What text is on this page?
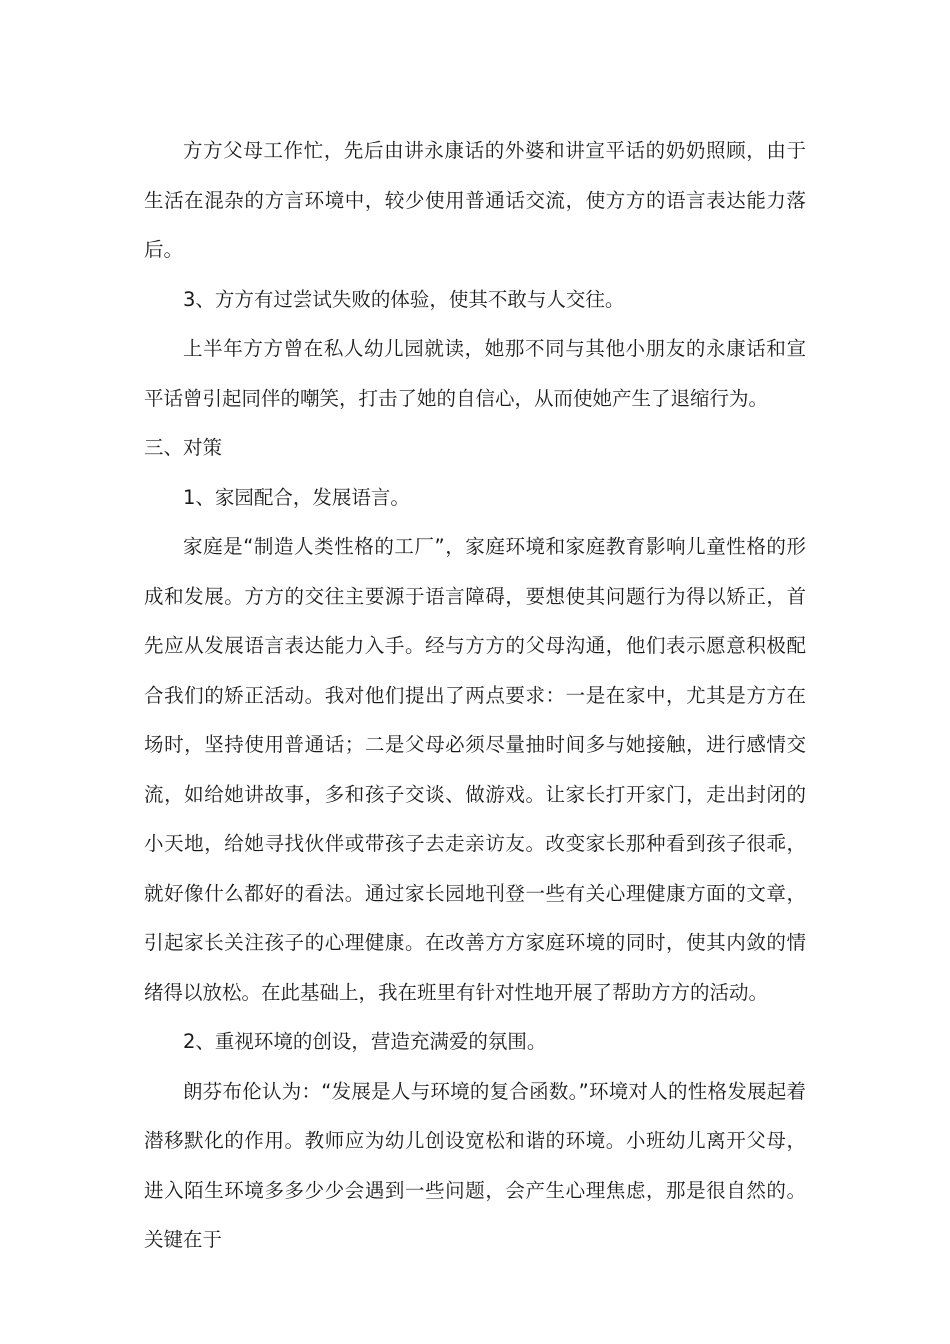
方方父母工作忙，先后由讲永康话的外婆和讲宣平话的奶奶照顾，由于生活在混杂的方言环境中，较少使用普通话交流，使方方的语言表达能力落后。

3、方方有过尝试失败的体验，使其不敢与人交往。

上半年方方曾在私人幼儿园就读，她那不同与其他小朋友的永康话和宣平话曾引起同伴的嘲笑，打击了她的自信心，从而使她产生了退缩行为。

三、对策

1、家园配合，发展语言。

家庭是“制造人类性格的工厂”，家庭环境和家庭教育影响儿童性格的形成和发展。方方的交往主要源于语言障碍，要想使其问题行为得以矫正，首先应从发展语言表达能力入手。经与方方的父母沟通，他们表示愿意积极配合我们的矫正活动。我对他们提出了两点要求：一是在家中，尤其是方方在场时，坚持使用普通话；二是父母必须尽量抽时间多与她接触，进行感情交流，如给她讲故事，多和孩子交谈、做游戏。让家长打开家门，走出封闭的小天地，给她寻找伙伴或带孩子去走亲访友。改变家长那种看到孩子很乖，就好像什么都好的看法。通过家长园地刊登一些有关心理健康方面的文章，引起家长关注孩子的心理健康。在改善方方家庭环境的同时，使其内敛的情绪得以放松。在此基础上，我在班里有针对性地开展了帮助方方的活动。

2、重视环境的创设，营造充满爱的氛围。

朗芬布伦认为：“发展是人与环境的复合函数。”环境对人的性格发展起着潜移默化的作用。教师应为幼儿创设宽松和谐的环境。小班幼儿离开父母，进入陌生环境多多少少会遇到一些问题，会产生心理焦虑，那是很自然的。关键在于
